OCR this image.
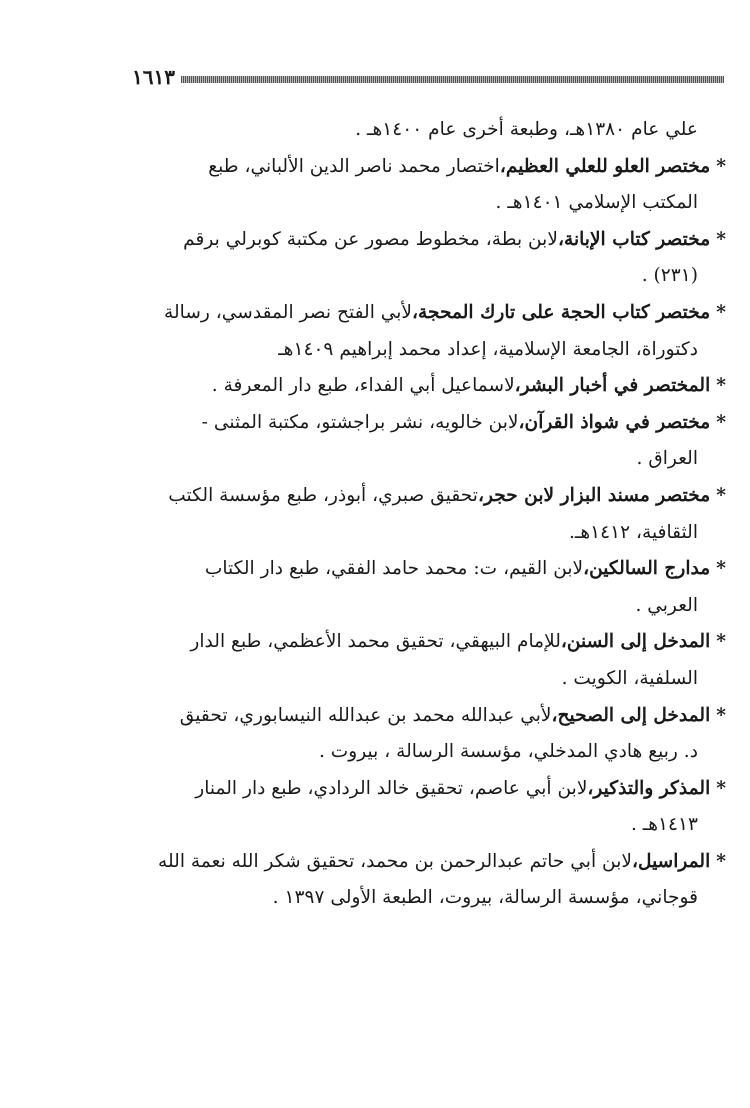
١٦١٣
علي عام ١٣٨٠هـ، وطبعة أخرى عام ١٤٠٠هـ .
*مختصر العلو للعلي العظيم،اختصار محمد ناصر الدين الألباني، طبع
المكتب الإسلامي ١٤٠١هـ .
*مختصر كتاب الإبانة،لابن بطة، مخطوط مصور عن مكتبة كوبرلي برقم
(٢٣١) .
*مختصر كتاب الحجة على تارك المحجة،لأبي الفتح نصر المقدسي، رسالة
دكتوراة، الجامعة الإسلامية، إعداد محمد إبراهيم ١٤٠٩هـ
*المختصر في أخبار البشر،لاسماعيل أبي الفداء، طبع دار المعرفة .
*مختصر في شواذ القرآن،لابن خالويه، نشر براجشتو، مكتبة المثنى -
العراق .
*مختصر مسند البزار لابن حجر،تحقيق صبري، أبوذر، طبع مؤسسة الكتب
الثقافية، ١٤١٢هـ.
*مدارج السالكين،لابن القيم، ت: محمد حامد الفقي، طبع دار الكتاب
العربي .
*المدخل إلى السنن،للإمام البيهقي، تحقيق محمد الأعظمي، طبع الدار
السلفية، الكويت .
*المدخل إلى الصحيح،لأبي عبدالله محمد بن عبدالله النيسابوري، تحقيق
د. ربيع هادي المدخلي، مؤسسة الرسالة ، بيروت .
*المذكر والتذكير،لابن أبي عاصم، تحقيق خالد الردادي، طبع دار المنار
١٤١٣هـ .
*المراسيل،لابن أبي حاتم عبدالرحمن بن محمد، تحقيق شكر الله نعمة الله
قوجاني، مؤسسة الرسالة، بيروت، الطبعة الأولى ١٣٩٧ .
